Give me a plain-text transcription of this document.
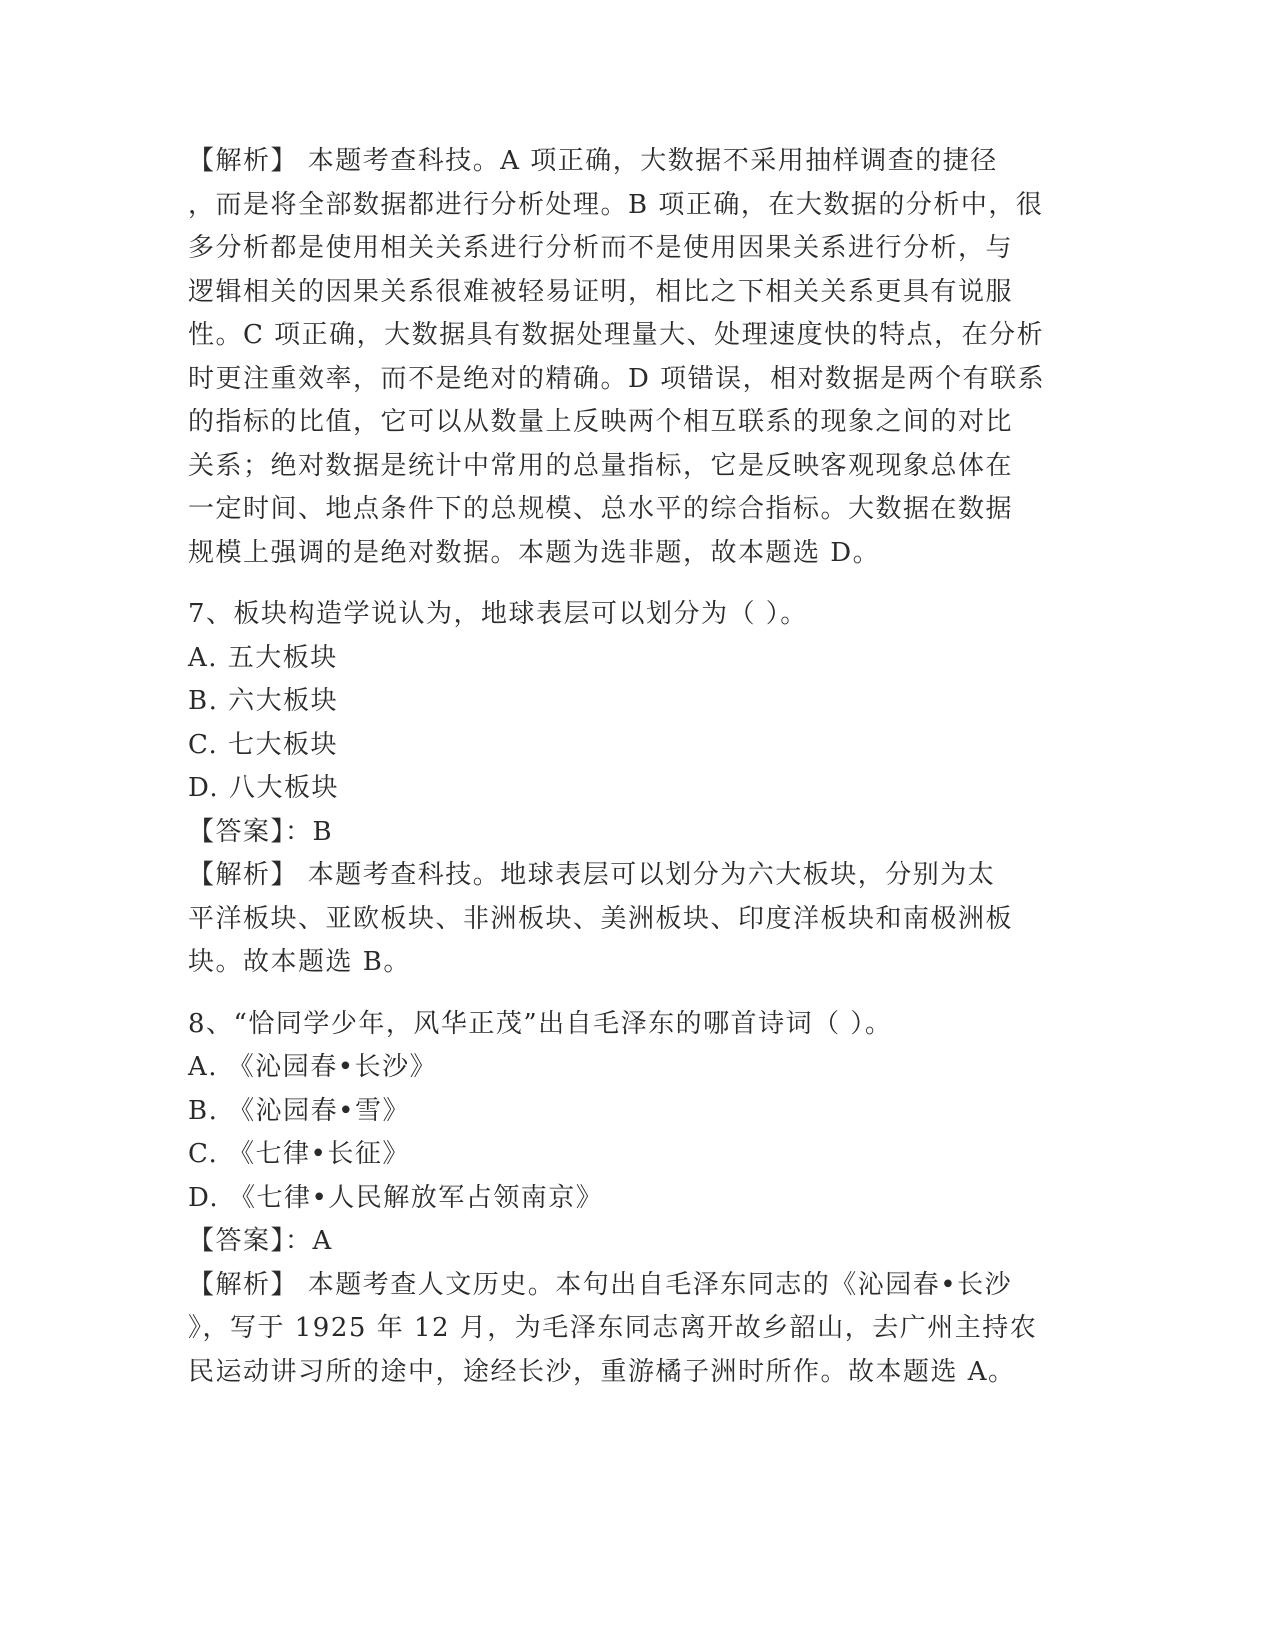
【解析】 本题考查科技。A 项正确，大数据不采用抽样调查的捷径
，而是将全部数据都进行分析处理。B 项正确，在大数据的分析中，很
多分析都是使用相关关系进行分析而不是使用因果关系进行分析，与
逻辑相关的因果关系很难被轻易证明，相比之下相关关系更具有说服
性。C 项正确，大数据具有数据处理量大、处理速度快的特点，在分析
时更注重效率，而不是绝对的精确。D 项错误，相对数据是两个有联系
的指标的比值，它可以从数量上反映两个相互联系的现象之间的对比
关系；绝对数据是统计中常用的总量指标，它是反映客观现象总体在
一定时间、地点条件下的总规模、总水平的综合指标。大数据在数据
规模上强调的是绝对数据。本题为选非题，故本题选 D。
7、板块构造学说认为，地球表层可以划分为（ ）。
A. 五大板块
B. 六大板块
C. 七大板块
D. 八大板块
【答案】：B
【解析】 本题考查科技。地球表层可以划分为六大板块，分别为太
平洋板块、亚欧板块、非洲板块、美洲板块、印度洋板块和南极洲板
块。故本题选 B。
8、“恰同学少年，风华正茂”出自毛泽东的哪首诗词（ ）。
A. 《沁园春•长沙》
B. 《沁园春•雪》
C. 《七律•长征》
D. 《七律•人民解放军占领南京》
【答案】：A
【解析】 本题考查人文历史。本句出自毛泽东同志的《沁园春•长沙
》，写于 1925 年 12 月，为毛泽东同志离开故乡韶山，去广州主持农
民运动讲习所的途中，途经长沙，重游橘子洲时所作。故本题选 A。
